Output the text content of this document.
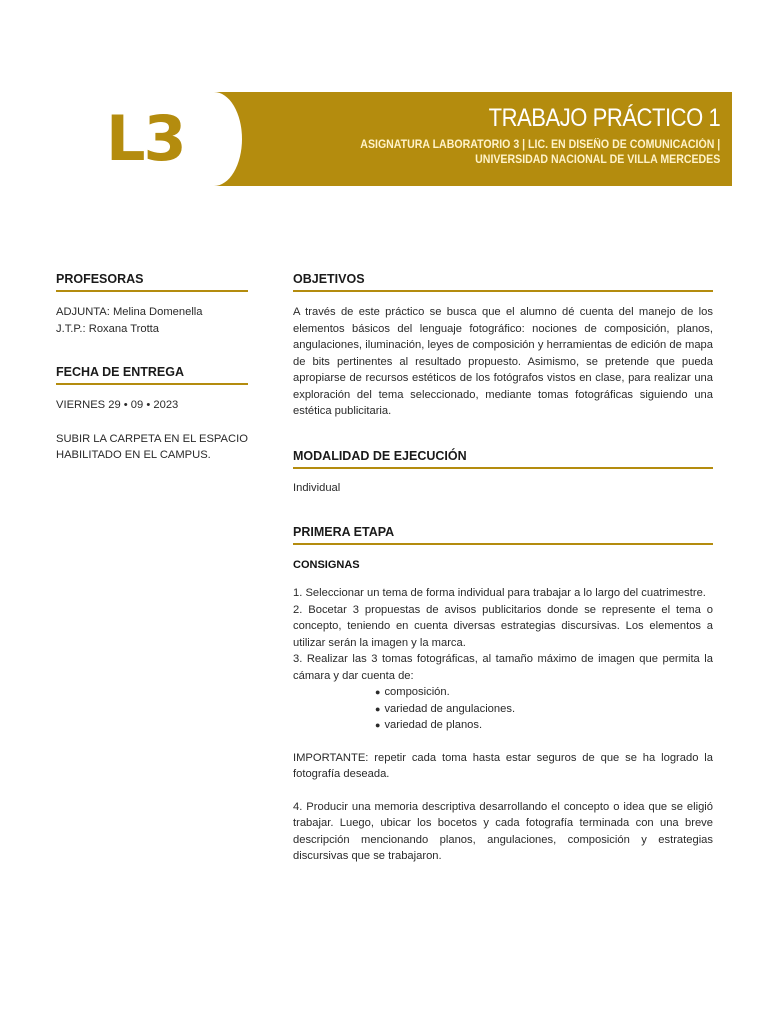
L3	TRABAJO PRÁCTICO 1
ASIGNATURA LABORATORIO 3 | LIC. EN DISEÑO DE COMUNICACIÓN |
UNIVERSIDAD NACIONAL DE VILLA MERCEDES
PROFESORAS

ADJUNTA: Melina Domenella

J.T.P.: Roxana Trotta

FECHA DE ENTREGA

VIERNES 29 • 09 • 2023

SUBIR LA CARPETA EN EL ESPACIO

HABILITADO EN EL CAMPUS.

OBJETIVOS

A través de este práctico se busca que el alumno dé cuenta del manejo de los elementos básicos del lenguaje fotográfico: nociones de composición, planos, angulaciones, iluminación, leyes de composición y herramientas de edición de mapa de bits pertinentes al resultado propuesto. Asimismo, se pretende que pueda apropiarse de recursos estéticos de los fotógrafos vistos en clase, para realizar una exploración del tema seleccionado, mediante tomas fotográficas siguiendo una estética publicitaria.

MODALIDAD DE EJECUCIÓN

Individual

PRIMERA ETAPA

CONSIGNAS

1. Seleccionar un tema de forma individual para trabajar a lo largo del cuatrimestre.

2. Bocetar 3 propuestas de avisos publicitarios donde se represente el tema o concepto, teniendo en cuenta diversas estrategias discursivas. Los elementos a utilizar serán la imagen y la marca.

3. Realizar las 3 tomas fotográficas, al tamaño máximo de imagen que permita la cámara y dar cuenta de:

● composición.
● variedad de angulaciones.
● variedad de planos.

IMPORTANTE: repetir cada toma hasta estar seguros de que se ha logrado la fotografía deseada.

4. Producir una memoria descriptiva desarrollando el concepto o idea que se eligió trabajar. Luego, ubicar los bocetos y cada fotografía terminada con una breve descripción mencionando planos, angulaciones, composición y estrategias discursivas que se trabajaron.
